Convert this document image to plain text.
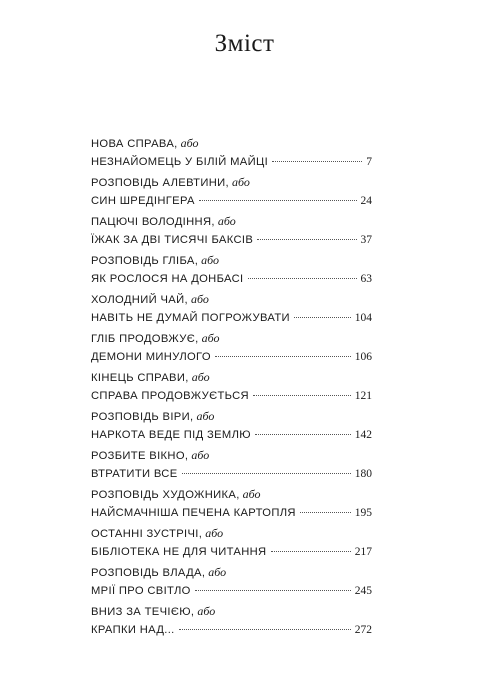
Зміст
НОВА СПРАВА, або
НЕЗНАЙОМЕЦЬ У БІЛІЙ МАЙЦІ	7
РОЗПОВІДЬ АЛЕВТИНИ, або
СИН ШРЕДІНГЕРА	24
ПАЦЮЧІ ВОЛОДІННЯ, або
ЇЖАК ЗА ДВІ ТИСЯЧІ БАКСІВ	37
РОЗПОВІДЬ ГЛІБА, або
ЯК РОСЛОСЯ НА ДОНБАСІ	63
ХОЛОДНИЙ ЧАЙ, або
НАВІТЬ НЕ ДУМАЙ ПОГРОЖУВАТИ	104
ГЛІБ ПРОДОВЖУЄ, або
ДЕМОНИ МИНУЛОГО	106
КІНЕЦЬ СПРАВИ, або
СПРАВА ПРОДОВЖУЄТЬСЯ	121
РОЗПОВІДЬ ВІРИ, або
НАРКОТА ВЕДЕ ПІД ЗЕМЛЮ	142
РОЗБИТЕ ВІКНО, або
ВТРАТИТИ ВСЕ	180
РОЗПОВІДЬ ХУДОЖНИКА, або
НАЙСМАЧНІША ПЕЧЕНА КАРТОПЛЯ	195
ОСТАННІ ЗУСТРІЧІ, або
БІБЛІОТЕКА НЕ ДЛЯ ЧИТАННЯ	217
РОЗПОВІДЬ ВЛАДА, або
МРІЇ ПРО СВІТЛО	245
ВНИЗ ЗА ТЕЧІЄЮ, або
КРАПКИ НАД...	272
